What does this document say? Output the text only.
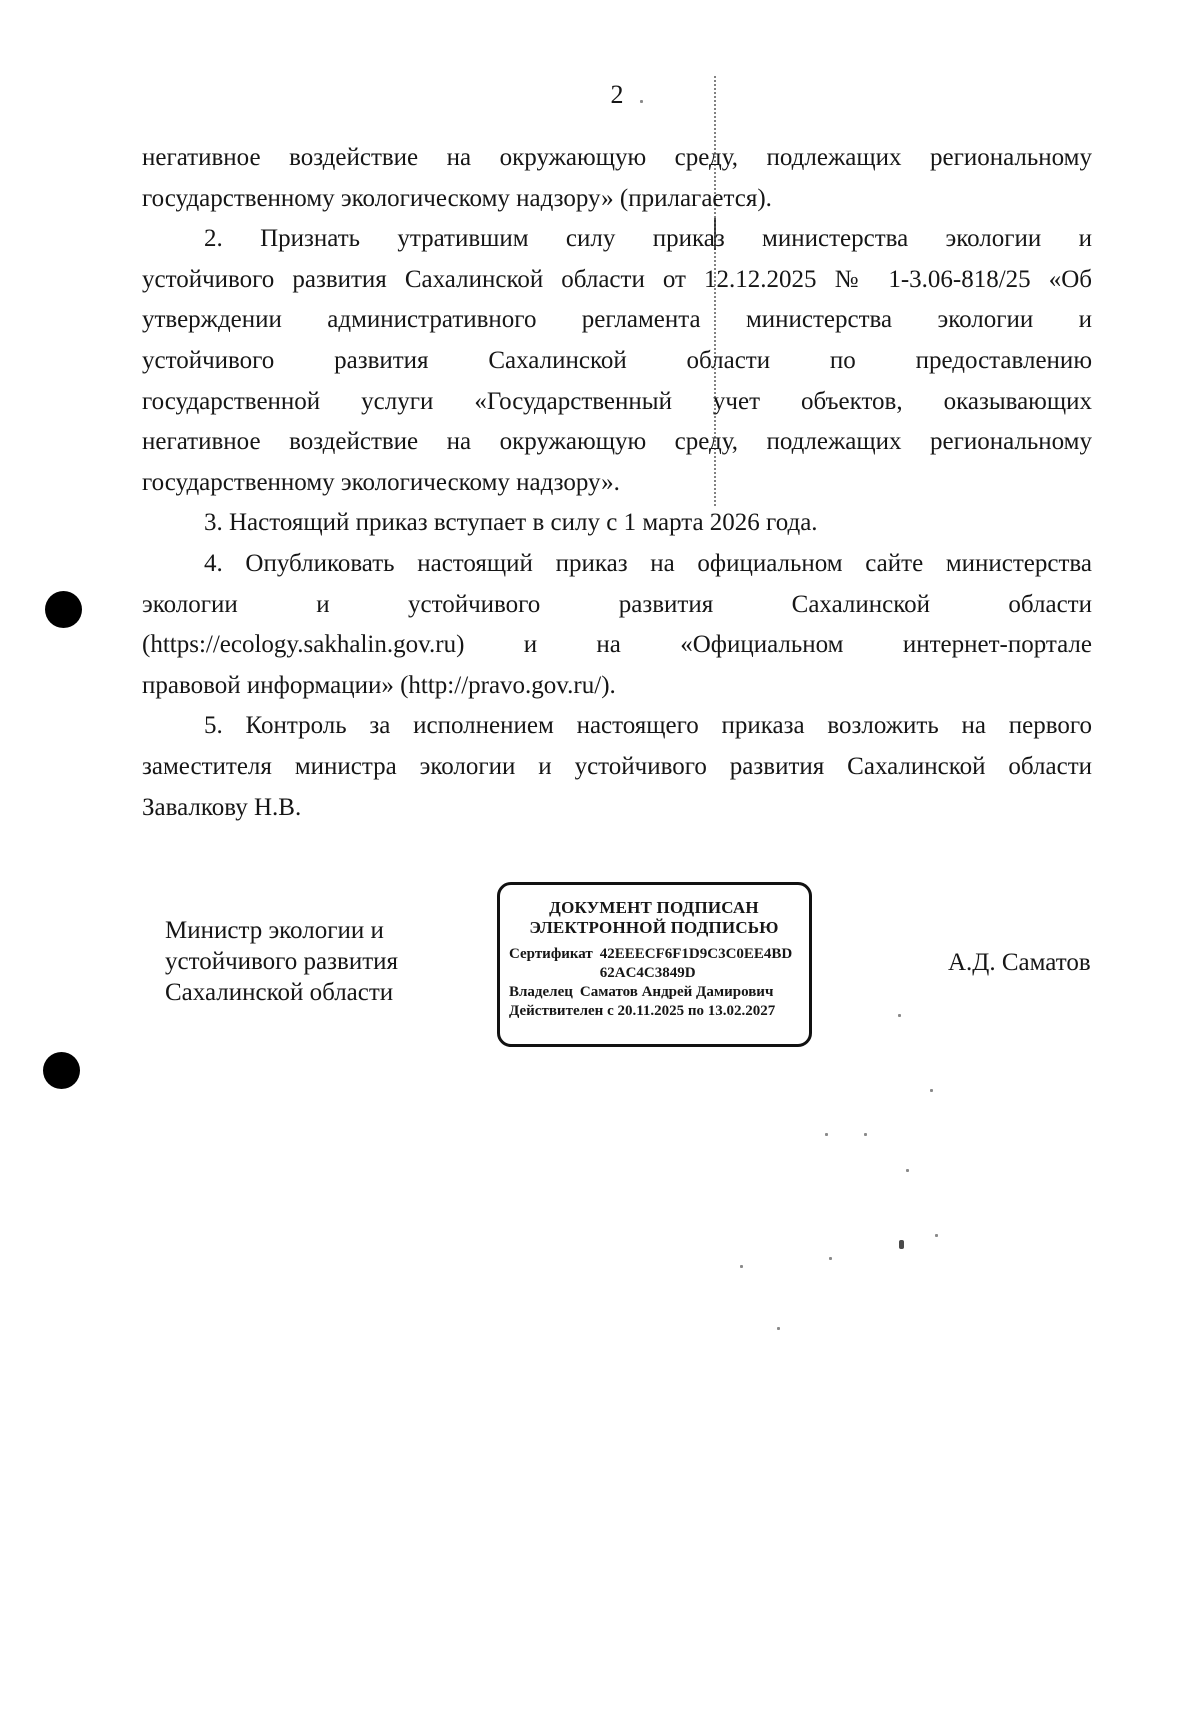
2
негативное воздействие на окружающую среду, подлежащих региональному
государственному экологическому надзору» (прилагается).
2. Признать утратившим силу приказ министерства экологии и
устойчивого развития Сахалинской области от 12.12.2025 № 1-3.06-818/25 «Об
утверждении административного регламента министерства экологии и
устойчивого развития Сахалинской области по предоставлению
государственной услуги «Государственный учет объектов, оказывающих
негативное воздействие на окружающую среду, подлежащих региональному
государственному экологическому надзору».
3. Настоящий приказ вступает в силу с 1 марта 2026 года.
4. Опубликовать настоящий приказ на официальном сайте министерства
экологии и устойчивого развития Сахалинской области
(https://ecology.sakhalin.gov.ru) и на «Официальном интернет-портале
правовой информации» (http://pravo.gov.ru/).
5. Контроль за исполнением настоящего приказа возложить на первого
заместителя министра экологии и устойчивого развития Сахалинской области
Завалкову Н.В.
Министр экологии и
устойчивого развития
Сахалинской области
ДОКУМЕНТ ПОДПИСАН
ЭЛЕКТРОННОЙ ПОДПИСЬЮ
Сертификат 42EEECF6F1D9C3C0EE4BD62AC4C3849D
Владелец Саматов Андрей Дамирович
Действителен с 20.11.2025 по 13.02.2027
А.Д. Саматов
